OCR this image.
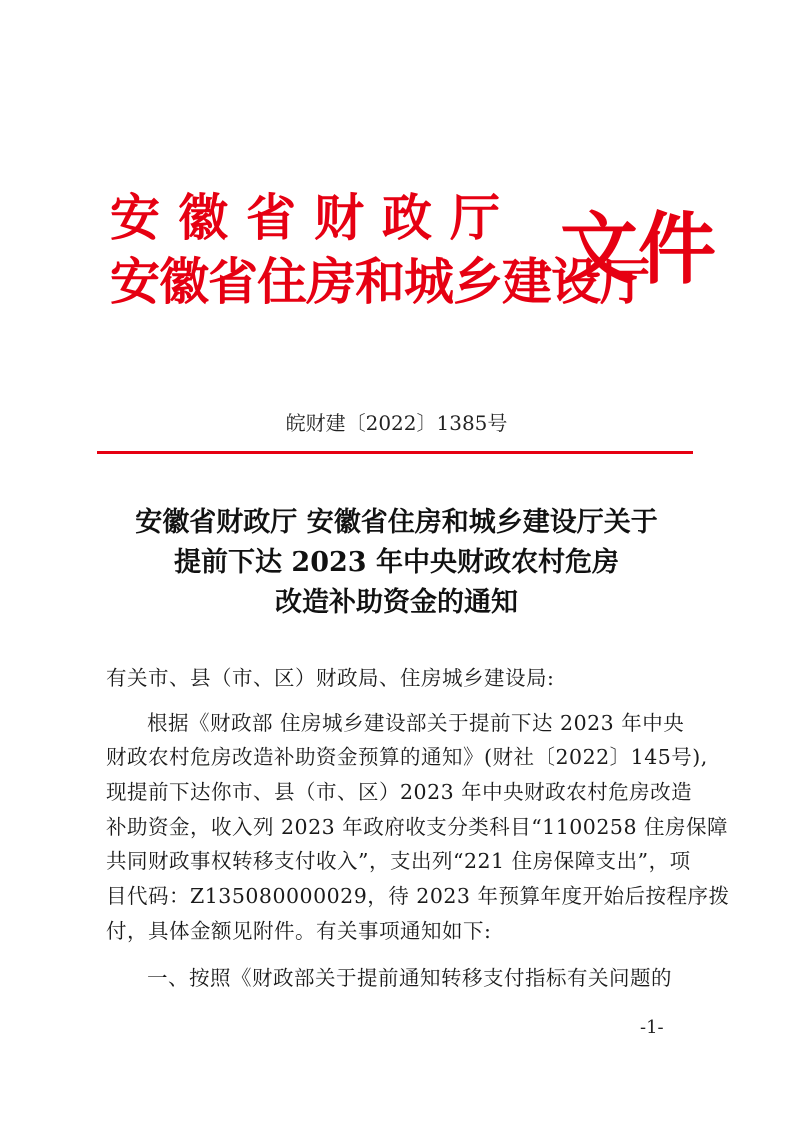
安徽省财政厅
安徽省住房和城乡建设厅
文件
皖财建〔2022〕1385号
安徽省财政厅 安徽省住房和城乡建设厅关于
提前下达 2023 年中央财政农村危房
改造补助资金的通知
有关市、县（市、区）财政局、住房城乡建设局:
根据《财政部 住房城乡建设部关于提前下达 2023 年中央
财政农村危房改造补助资金预算的通知》(财社〔2022〕145号),
现提前下达你市、县（市、区）2023 年中央财政农村危房改造
补助资金，收入列 2023 年政府收支分类科目“1100258 住房保障
共同财政事权转移支付收入”，支出列“221 住房保障支出”，项
目代码：Z135080000029，待 2023 年预算年度开始后按程序拨
付，具体金额见附件。有关事项通知如下:
一、按照《财政部关于提前通知转移支付指标有关问题的
-1-
